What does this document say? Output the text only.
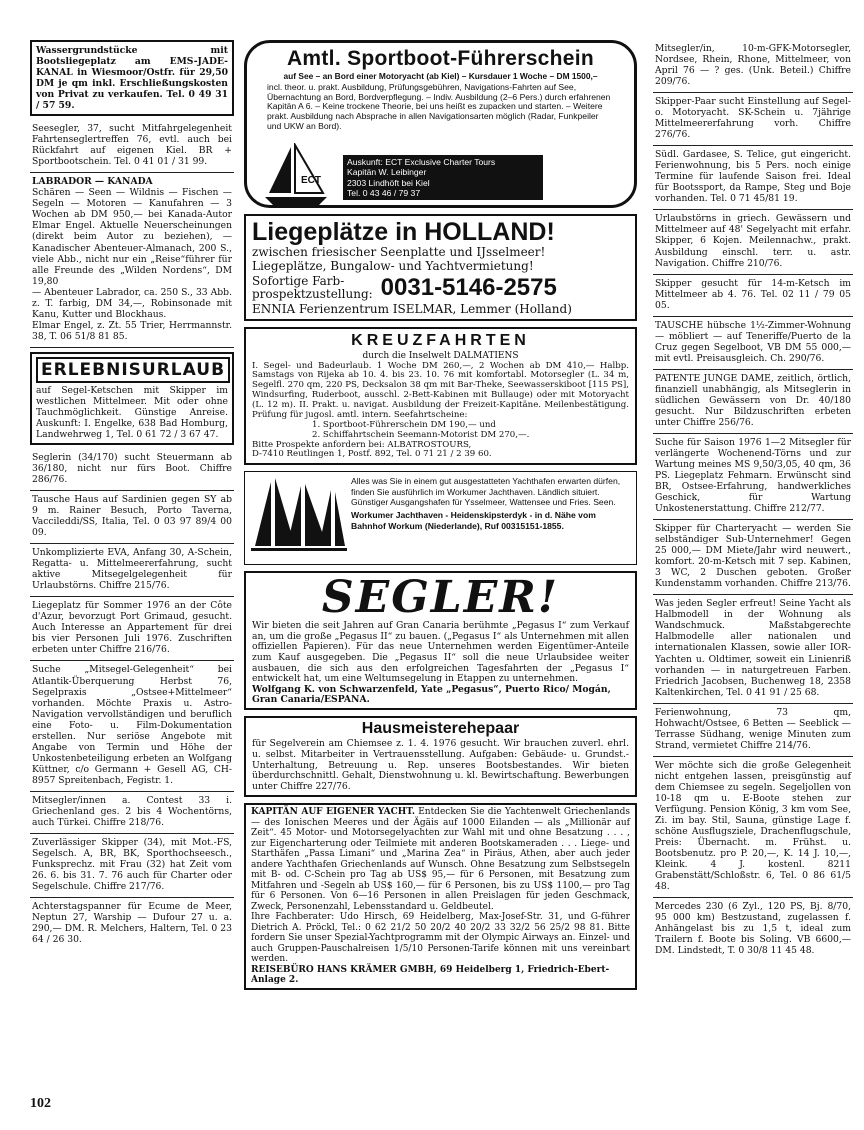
Wassergrundstücke mit Bootsliegeplatz am EMS-JADE-KANAL in Wiesmoor/Ostfr. für 29,50 DM je qm inkl. Erschließungskosten von Privat zu verkaufen. Tel. 0 49 31 / 57 59.
Seesegler, 37, sucht Mitfahrgelegenheit Fahrtenseglertreffen 76, evtl. auch bei Rückfahrt auf eigenen Kiel. BR + Sportbootschein. Tel. 0 41 01 / 31 99.
LABRADOR — KANADA
Schären — Seen — Wildnis — Fischen — Segeln — Motoren — Kanufahren — 3 Wochen ab DM 950,— bei Kanada-Autor Elmar Engel. Aktuelle Neuerscheinungen (direkt beim Autor zu beziehen), — Kanadischer Abenteuer-Almanach, 200 S., viele Abb., nicht nur ein „Reise“führer für alle Freunde des „Wilden Nordens“, DM 19,80
— Abenteuer Labrador, ca. 250 S., 33 Abb. z. T. farbig, DM 34,—, Robinsonade mit Kanu, Kutter und Blockhaus.
Elmar Engel, z. Zt. 55 Trier, Herrmannstr. 38, T. 06 51/8 81 85.
ERLEBNISURLAUB
auf Segel-Ketschen mit Skipper im westlichen Mittelmeer. Mit oder ohne Tauchmöglichkeit. Günstige Anreise. Auskunft: I. Engelke, 638 Bad Homburg, Landwehrweg 1, Tel. 0 61 72 / 3 67 47.
Seglerin (34/170) sucht Steuermann ab 36/180, nicht nur fürs Boot. Chiffre 286/76.
Tausche Haus auf Sardinien gegen SY ab 9 m. Rainer Besuch, Porto Taverna, Vaccileddi/SS, Italia, Tel. 0 03 97 89/4 00 09.
Unkomplizierte EVA, Anfang 30, A-Schein, Regatta- u. Mittelmeererfahrung, sucht aktive Mitsegelgelegenheit für Urlaubstörns. Chiffre 215/76.
Liegeplatz für Sommer 1976 an der Côte d'Azur, bevorzugt Port Grimaud, gesucht. Auch Interesse an Appartement für drei bis vier Personen Juli 1976. Zuschriften erbeten unter Chiffre 216/76.
Suche „Mitsegel-Gelegenheit“ bei Atlantik-Überquerung Herbst 76, Segelpraxis „Ostsee+Mittelmeer“ vorhanden. Möchte Praxis u. Astro-Navigation vervollständigen und beruflich eine Foto- u. Film-Dokumentation erstellen. Nur seriöse Angebote mit Angabe von Termin und Höhe der Unkostenbeteiligung erbeten an Wolfgang Küttner, c/o Germann + Gesell AG, CH-8957 Spreitenbach, Fegistr. 1.
Mitsegler/innen a. Contest 33 i. Griechenland ges. 2 bis 4 Wochentörns, auch Türkei. Chiffre 218/76.
Zuverlässiger Skipper (34), mit Mot.-FS, Segelsch. A, BR, BK, Sporthochseesch., Funksprechz. mit Frau (32) hat Zeit vom 26. 6. bis 31. 7. 76 auch für Charter oder Segelschule. Chiffre 217/76.
Achterstagspanner für Ecume de Meer, Neptun 27, Warship — Dufour 27 u. a. 290,— DM. R. Melchers, Haltern, Tel. 0 23 64 / 26 30.
Amtl. Sportboot-Führerschein
auf See – an Bord einer Motoryacht (ab Kiel) – Kursdauer 1 Woche – DM 1500,–
incl. theor. u. prakt. Ausbildung, Prüfungsgebühren, Navigations-Fahrten auf See, Übernachtung an Bord, Bordverpflegung. – Indiv. Ausbildung (2–6 Pers.) durch erfahrenen Kapitän A 6. – Keine trockene Theorie, bei uns heißt es zupacken und starten. – Weitere prakt. Ausbildung nach Absprache in allen Navigationsarten möglich (Radar, Funkpeiler und UKW an Bord).
ECT
Auskunft: ECT Exclusive Charter Tours
Kapitän W. Leibinger
2303 Lindhöft bei Kiel
Tel. 0 43 46 / 79 37
Liegeplätze in HOLLAND!
zwischen friesischer Seenplatte und IJsselmeer!
Liegeplätze, Bungalow- und Yachtvermietung!
Sofortige Farb-
prospektzustellung: 0031-5146-2575
ENNIA Ferienzentrum ISELMAR, Lemmer (Holland)
KREUZFAHRTEN
durch die Inselwelt DALMATIENS
I. Segel- und Badeurlaub. 1 Woche DM 260,—, 2 Wochen ab DM 410,— Halbp. Samstags von Rijeka ab 10. 4. bis 23. 10. 76 mit komfortabl. Motorsegler (L. 34 m, Segelfl. 270 qm, 220 PS, Decksalon 38 qm mit Bar-Theke, Seewasserskiboot [115 PS], Windsurfing, Ruderboot, ausschl. 2-Bett-Kabinen mit Bullauge) oder mit Motoryacht (L. 12 m). II. Prakt. u. navigat. Ausbildung der Freizeit-Kapitäne. Meilenbestätigung. Prüfung für jugosl. amtl. intern. Seefahrtscheine:
1. Sportboot-Führerschein DM 190,— und
2. Schiffahrtschein Seemann-Motorist DM 270,—.
Bitte Prospekte anfordern bei: ALBATROSTOURS,
D-7410 Reutlingen 1, Postf. 892, Tel. 0 71 21 / 2 39 60.
Alles was Sie in einem gut ausgestatteten Yachthafen erwarten dürfen, finden Sie ausführlich im Workumer Jachthaven. Ländlich situiert. Günstiger Ausgangshafen für Ysselmeer, Wattensee und Fries. Seen.
Workumer Jachthaven - Heidenskipsterdyk - in d. Nähe vom Bahnhof Workum (Niederlande), Ruf 00315151-1855.
SEGLER!
Wir bieten die seit Jahren auf Gran Canaria berühmte „Pegasus I“ zum Verkauf an, um die große „Pegasus II“ zu bauen. („Pegasus I“ als Unternehmen mit allen offiziellen Papieren). Für das neue Unternehmen werden Eigentümer-Anteile zum Kauf ausgegeben. Die „Pegasus II“ soll die neue Urlaubsidee weiter ausbauen, die sich aus den erfolgreichen Tagesfahrten der „Pegasus I“ entwickelt hat, um eine Weltumsegelung in Etappen zu unternehmen.
Wolfgang K. von Schwarzenfeld, Yate „Pegasus“, Puerto Rico/ Mogán, Gran Canaria/ESPANA.
Hausmeisterehepaar
für Segelverein am Chiemsee z. 1. 4. 1976 gesucht. Wir brauchen zuverl. ehrl. u. selbst. Mitarbeiter in Vertrauensstellung. Aufgaben: Gebäude- u. Grundst.-Unterhaltung, Betreuung u. Rep. unseres Bootsbestandes. Wir bieten überdurchschnittl. Gehalt, Dienstwohnung u. kl. Bewirtschaftung. Bewerbungen unter Chiffre 227/76.
KAPITÄN AUF EIGENER YACHT. Entdecken Sie die Yachtenwelt Griechenlands — des Ionischen Meeres und der Ägäis auf 1000 Eilanden — als „Millionär auf Zeit“. 45 Motor- und Motorsegelyachten zur Wahl mit und ohne Besatzung . . . , zur Eigencharterung oder Teilmiete mit anderen Bootskameraden . . . Liege- und Starthäfen „Passa Limani“ und „Marina Zea“ in Piräus, Athen, aber auch jeder andere Yachthafen Griechenlands auf Wunsch. Ohne Besatzung zum Selbstsegeln mit B- od. C-Schein pro Tag ab US$ 95,— für 6 Personen, mit Besatzung zum Mitfahren und -Segeln ab US$ 160,— für 6 Personen, bis zu US$ 1100,— pro Tag für 6 Personen. Von 6—16 Personen in allen Preislagen für jeden Geschmack, Zweck, Personenzahl, Lebensstandard u. Geldbeutel.
Ihre Fachberater: Udo Hirsch, 69 Heidelberg, Max-Josef-Str. 31, und G-führer Dietrich A. Pröckl, Tel.: 0 62 21/2 50 20/2 40 20/2 33 32/2 56 25/2 98 81. Bitte fordern Sie unser Spezial-Yachtprogramm mit der Olympic Airways an. Einzel- und auch Gruppen-Pauschalreisen 1/5/10 Personen-Tarife können mit uns vereinbart werden.
REISEBÜRO HANS KRÄMER GMBH, 69 Heidelberg 1, Friedrich-Ebert-Anlage 2.
Mitsegler/in, 10-m-GFK-Motorsegler, Nordsee, Rhein, Rhone, Mittelmeer, von April 76 — ? ges. (Unk. Beteil.) Chiffre 209/76.
Skipper-Paar sucht Einstellung auf Segel- o. Motoryacht. SK-Schein u. 7jährige Mittelmeererfahrung vorh. Chiffre 276/76.
Südl. Gardasee, S. Telice, gut eingericht. Ferienwohnung, bis 5 Pers. noch einige Termine für laufende Saison frei. Ideal für Bootssport, da Rampe, Steg und Boje vorhanden. Tel. 0 71 45/81 19.
Urlaubstörns in griech. Gewässern und Mittelmeer auf 48' Segelyacht mit erfahr. Skipper, 6 Kojen. Meilennachw., prakt. Ausbildung einschl. terr. u. astr. Navigation. Chiffre 210/76.
Skipper gesucht für 14-m-Ketsch im Mittelmeer ab 4. 76. Tel. 02 11 / 79 05 05.
TAUSCHE hübsche 1½-Zimmer-Wohnung — möbliert — auf Teneriffe/Puerto de la Cruz gegen Segelboot, VB DM 55 000,— mit evtl. Preisausgleich. Ch. 290/76.
PATENTE JUNGE DAME, zeitlich, örtlich, finanziell unabhängig, als Mitseglerin in südlichen Gewässern von Dr. 40/180 gesucht. Nur Bildzuschriften erbeten unter Chiffre 256/76.
Suche für Saison 1976 1—2 Mitsegler für verlängerte Wochenend-Törns und zur Wartung meines MS 9,50/3,05, 40 qm, 36 PS. Liegeplatz Fehmarn. Erwünscht sind BR, Ostsee-Erfahrung, handwerkliches Geschick, für Wartung Unkostenerstattung. Chiffre 212/77.
Skipper für Charteryacht — werden Sie selbständiger Sub-Unternehmer! Gegen 25 000,— DM Miete/Jahr wird neuwert., komfort. 20-m-Ketsch mit 7 sep. Kabinen, 3 WC, 2 Duschen geboten. Großer Kundenstamm vorhanden. Chiffre 213/76.
Was jeden Segler erfreut! Seine Yacht als Halbmodell in der Wohnung als Wandschmuck. Maßstabgerechte Halbmodelle aller nationalen und internationalen Klassen, sowie aller IOR-Yachten u. Oldtimer, soweit ein Linienriß vorhanden — in naturgetreuen Farben. Friedrich Jacobsen, Buchenweg 18, 2358 Kaltenkirchen, Tel. 0 41 91 / 25 68.
Ferienwohnung, 73 qm, Hohwacht/Ostsee, 6 Betten — Seeblick — Terrasse Südhang, wenige Minuten zum Strand, vermietet Chiffre 214/76.
Wer möchte sich die große Gelegenheit nicht entgehen lassen, preisgünstig auf dem Chiemsee zu segeln. Segeljollen von 10-18 qm u. E-Boote stehen zur Verfügung. Pension König, 3 km vom See, Zi. im bay. Stil, Sauna, günstige Lage f. schöne Ausflugsziele, Drachenflugschule, Preis: Übernacht. m. Frühst. u. Bootsbenutz. pro P. 20,—, K. 14 J. 10,—, Kleink. 4 J. kostenl. 8211 Grabenstätt/Schloßstr. 6, Tel. 0 86 61/5 48.
Mercedes 230 (6 Zyl., 120 PS, Bj. 8/70, 95 000 km) Bestzustand, zugelassen f. Anhängelast bis zu 1,5 t, ideal zum Trailern f. Boote bis Soling. VB 6600,— DM. Lindstedt, T. 0 30/8 11 45 48.
102
